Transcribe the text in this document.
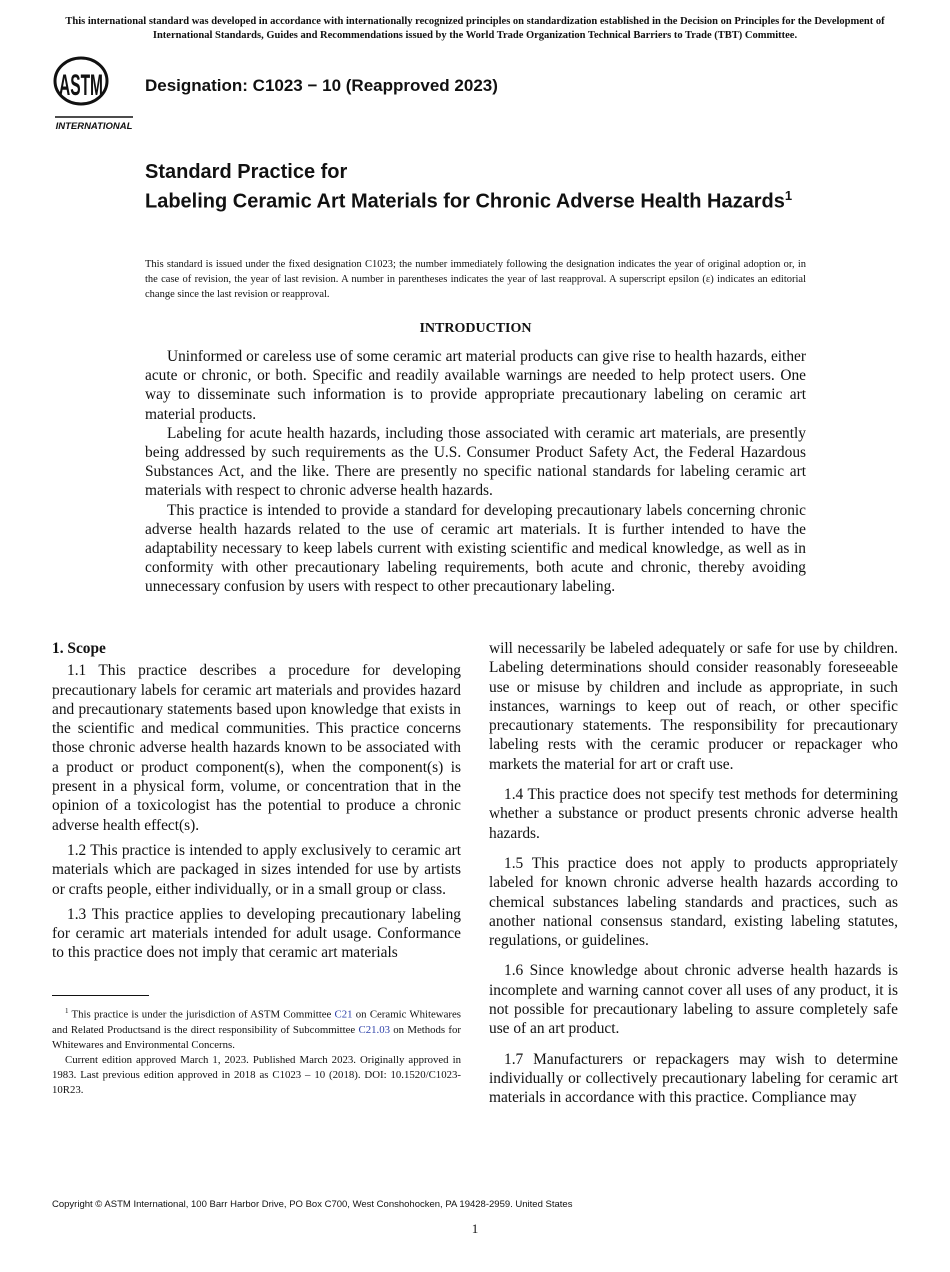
This international standard was developed in accordance with internationally recognized principles on standardization established in the Decision on Principles for the Development of International Standards, Guides and Recommendations issued by the World Trade Organization Technical Barriers to Trade (TBT) Committee.
ASTM
INTERNATIONAL
Designation: C1023 − 10 (Reapproved 2023)
Standard Practice for
Labeling Ceramic Art Materials for Chronic Adverse Health Hazards$^1$
This standard is issued under the fixed designation C1023; the number immediately following the designation indicates the year of original adoption or, in the case of revision, the year of last revision. A number in parentheses indicates the year of last reapproval. A superscript epsilon (ε) indicates an editorial change since the last revision or reapproval.
INTRODUCTION

Uninformed or careless use of some ceramic art material products can give rise to health hazards, either acute or chronic, or both. Specific and readily available warnings are needed to help protect users. One way to disseminate such information is to provide appropriate precautionary labeling on ceramic art material products.

Labeling for acute health hazards, including those associated with ceramic art materials, are presently being addressed by such requirements as the U.S. Consumer Product Safety Act, the Federal Hazardous Substances Act, and the like. There are presently no specific national standards for labeling ceramic art materials with respect to chronic adverse health hazards.

This practice is intended to provide a standard for developing precautionary labels concerning chronic adverse health hazards related to the use of ceramic art materials. It is further intended to have the adaptability necessary to keep labels current with existing scientific and medical knowledge, as well as in conformity with other precautionary labeling requirements, both acute and chronic, thereby avoiding unnecessary confusion by users with respect to other precautionary labeling.

1. Scope

1.1 This practice describes a procedure for developing precautionary labels for ceramic art materials and provides hazard and precautionary statements based upon knowledge that exists in the scientific and medical communities. This practice concerns those chronic adverse health hazards known to be associated with a product or product component(s), when the component(s) is present in a physical form, volume, or concentration that in the opinion of a toxicologist has the potential to produce a chronic adverse health effect(s).

1.2 This practice is intended to apply exclusively to ceramic art materials which are packaged in sizes intended for use by artists or crafts people, either individually, or in a small group or class.

1.3 This practice applies to developing precautionary labeling for ceramic art materials intended for adult usage. Conformance to this practice does not imply that ceramic art materials

will necessarily be labeled adequately or safe for use by children. Labeling determinations should consider reasonably foreseeable use or misuse by children and include as appropriate, in such instances, warnings to keep out of reach, or other specific precautionary statements. The responsibility for precautionary labeling rests with the ceramic producer or repackager who markets the material for art or craft use.

1.4 This practice does not specify test methods for determining whether a substance or product presents chronic adverse health hazards.

1.5 This practice does not apply to products appropriately labeled for known chronic adverse health hazards according to chemical substances labeling standards and practices, such as another national consensus standard, existing labeling statutes, regulations, or guidelines.

1.6 Since knowledge about chronic adverse health hazards is incomplete and warning cannot cover all uses of any product, it is not possible for precautionary labeling to assure completely safe use of an art product.

1.7 Manufacturers or repackagers may wish to determine individually or collectively precautionary labeling for ceramic art materials in accordance with this practice. Compliance may

$^1$ This practice is under the jurisdiction of ASTM Committee C21 on Ceramic Whitewares and Related Productsand is the direct responsibility of Subcommittee C21.03 on Methods for Whitewares and Environmental Concerns.

Current edition approved March 1, 2023. Published March 2023. Originally approved in 1983. Last previous edition approved in 2018 as C1023 – 10 (2018). DOI: 10.1520/C1023-10R23.

Copyright © ASTM International, 100 Barr Harbor Drive, PO Box C700, West Conshohocken, PA 19428-2959. United States
1
